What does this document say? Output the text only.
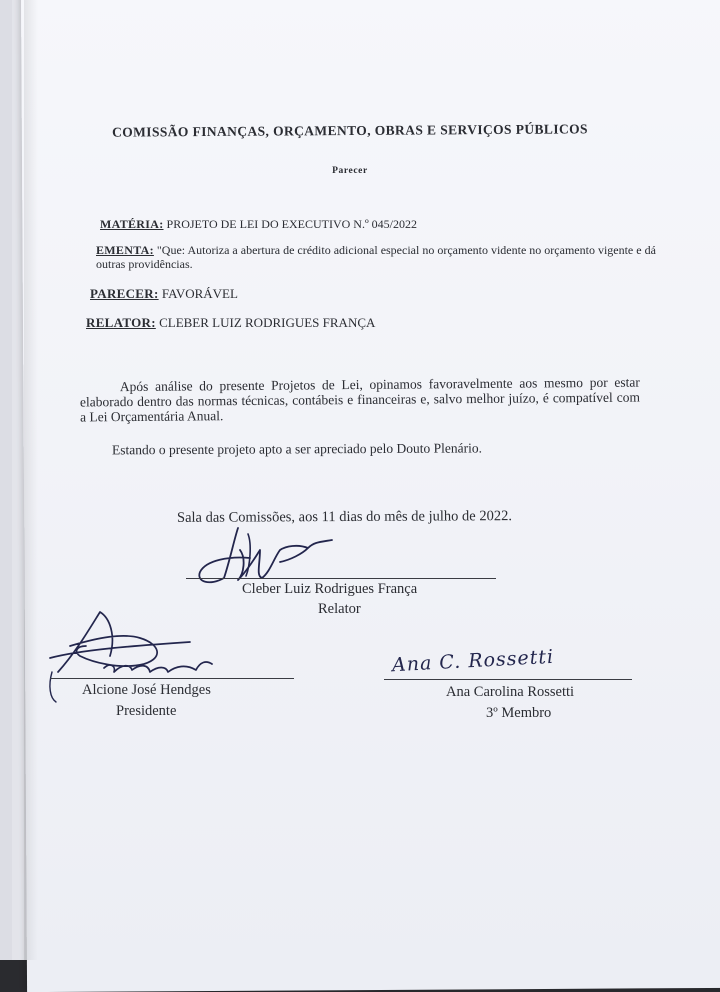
COMISSÃO FINANÇAS, ORÇAMENTO, OBRAS E SERVIÇOS PÚBLICOS
Parecer
MATÉRIA: PROJETO DE LEI DO EXECUTIVO N.º 045/2022
EMENTA: "Que: Autoriza a abertura de crédito adicional especial no orçamento vidente no orçamento vigente e dá outras providências.
PARECER: FAVORÁVEL
RELATOR: CLEBER LUIZ RODRIGUES FRANÇA
Após análise do presente Projetos de Lei, opinamos favoravelmente aos mesmo por estar elaborado dentro das normas técnicas, contábeis e financeiras e, salvo melhor juízo, é compatível com a Lei Orçamentária Anual.
Estando o presente projeto apto a ser apreciado pelo Douto Plenário.
Sala das Comissões, aos 11 dias do mês de julho de 2022.
Cleber Luiz Rodrigues França
Relator
Alcione José Hendges
Presidente
Ana C. Rossetti
Ana Carolina Rossetti
3º Membro
